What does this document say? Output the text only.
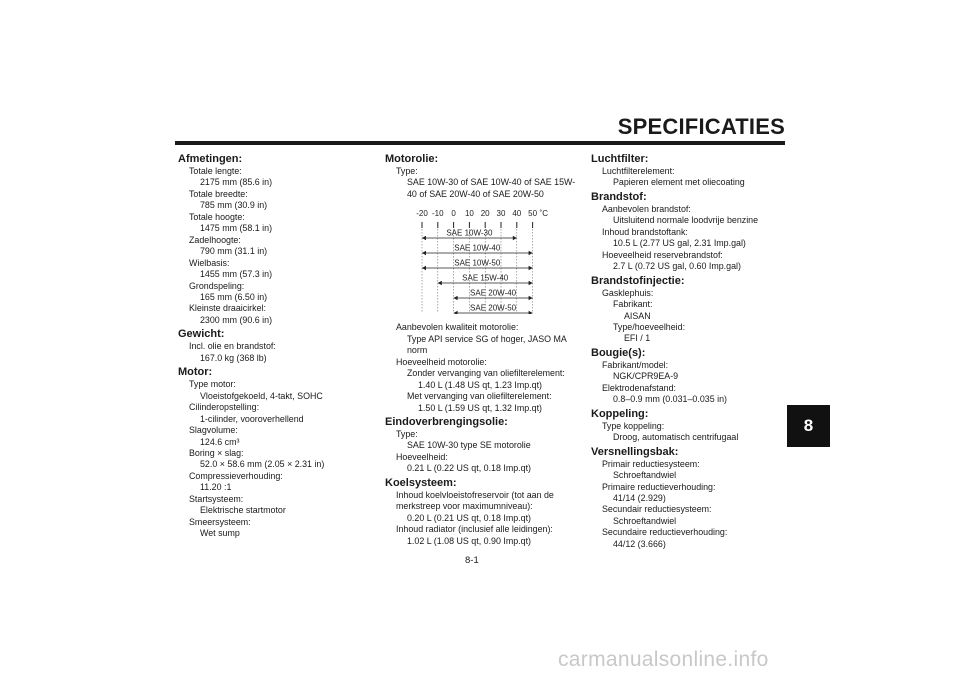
SPECIFICATIES
8
Afmetingen:
Totale lengte:
2175 mm (85.6 in)
Totale breedte:
785 mm (30.9 in)
Totale hoogte:
1475 mm (58.1 in)
Zadelhoogte:
790 mm (31.1 in)
Wielbasis:
1455 mm (57.3 in)
Grondspeling:
165 mm (6.50 in)
Kleinste draaicirkel:
2300 mm (90.6 in)
Gewicht:
Incl. olie en brandstof:
167.0 kg (368 lb)
Motor:
Type motor:
Vloeistofgekoeld, 4-takt, SOHC
Cilinderopstelling:
1-cilinder, vooroverhellend
Slagvolume:
124.6 cm³
Boring × slag:
52.0 × 58.6 mm (2.05 × 2.31 in)
Compressieverhouding:
11.20 :1
Startsysteem:
Elektrische startmotor
Smeersysteem:
Wet sump
Motorolie:
Type:
SAE 10W-30 of SAE 10W-40 of SAE 15W-
40 of SAE 20W-40 of SAE 20W-50
-20 -10 0 10 20 30 40 50 ˚C
SAE 10W-30
SAE 10W-40
SAE 10W-50
SAE 15W-40
SAE 20W-40
SAE 20W-50
Aanbevolen kwaliteit motorolie:
Type API service SG of hoger, JASO MA
norm
Hoeveelheid motorolie:
Zonder vervanging van oliefilterelement:
1.40 L (1.48 US qt, 1.23 Imp.qt)
Met vervanging van oliefilterelement:
1.50 L (1.59 US qt, 1.32 Imp.qt)
Eindoverbrengingsolie:
Type:
SAE 10W-30 type SE motorolie
Hoeveelheid:
0.21 L (0.22 US qt, 0.18 Imp.qt)
Koelsysteem:
Inhoud koelvloeistofreservoir (tot aan de
merkstreep voor maximumniveau):
0.20 L (0.21 US qt, 0.18 Imp.qt)
Inhoud radiator (inclusief alle leidingen):
1.02 L (1.08 US qt, 0.90 Imp.qt)
Luchtfilter:
Luchtfilterelement:
Papieren element met oliecoating
Brandstof:
Aanbevolen brandstof:
Uitsluitend normale loodvrije benzine
Inhoud brandstoftank:
10.5 L (2.77 US gal, 2.31 Imp.gal)
Hoeveelheid reservebrandstof:
2.7 L (0.72 US gal, 0.60 Imp.gal)
Brandstofinjectie:
Gasklephuis:
Fabrikant:
AISAN
Type/hoeveelheid:
EFI / 1
Bougie(s):
Fabrikant/model:
NGK/CPR9EA-9
Elektrodenafstand:
0.8–0.9 mm (0.031–0.035 in)
Koppeling:
Type koppeling:
Droog, automatisch centrifugaal
Versnellingsbak:
Primair reductiesysteem:
Schroeftandwiel
Primaire reductieverhouding:
41/14 (2.929)
Secundair reductiesysteem:
Schroeftandwiel
Secundaire reductieverhouding:
44/12 (3.666)
8-1
carmanualsonline.info
